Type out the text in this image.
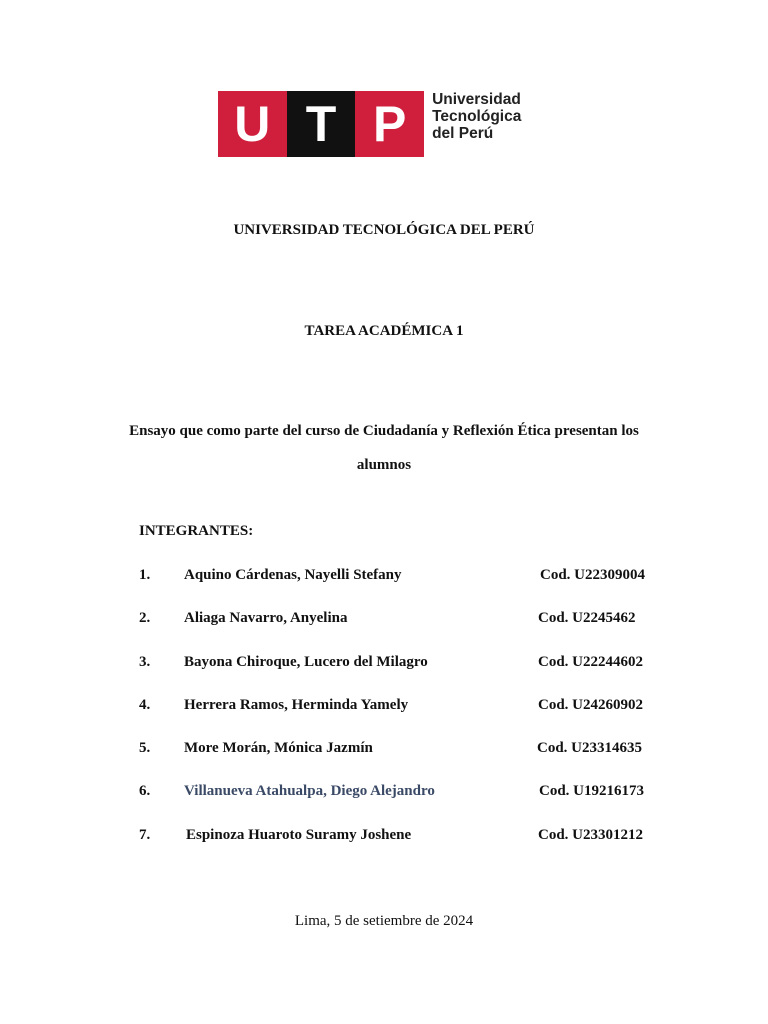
U T P	Universidad
Tecnológica
del Perú
UNIVERSIDAD TECNOLÓGICA DEL PERÚ
TAREA ACADÉMICA 1
Ensayo que como parte del curso de Ciudadanía y Reflexión Ética presentan los
alumnos
INTEGRANTES:
1. Aquino Cárdenas, Nayelli Stefany	Cod. U22309004
2. Aliaga Navarro, Anyelina	Cod. U2245462
3. Bayona Chiroque, Lucero del Milagro	Cod. U22244602
4. Herrera Ramos, Herminda Yamely	Cod. U24260902
5. More Morán, Mónica Jazmín	Cod. U23314635
6. Villanueva Atahualpa, Diego Alejandro	Cod. U19216173
7. Espinoza Huaroto Suramy Joshene	Cod. U23301212
Lima, 5 de setiembre de 2024
